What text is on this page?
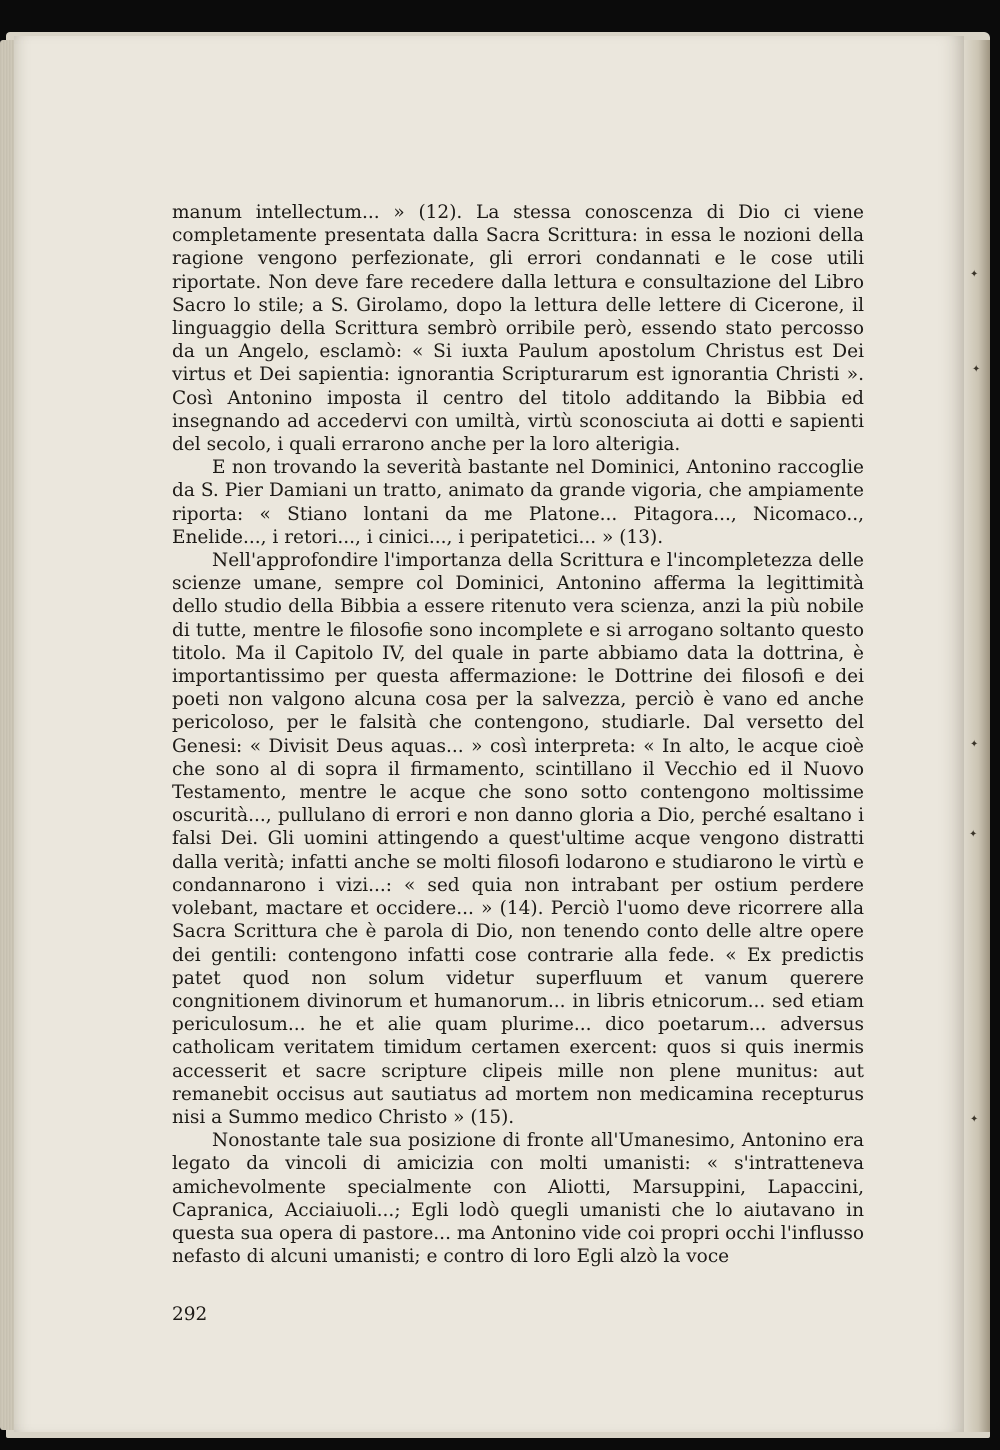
✦
✦
✦
✦
✦

manum intellectum... » (12). La stessa conoscenza di Dio ci viene completamente presentata dalla Sacra Scrittura: in essa le nozioni della ragione vengono perfezionate, gli errori condannati e le cose utili riportate. Non deve fare recedere dalla lettura e consultazione del Libro Sacro lo stile; a S. Girolamo, dopo la lettura delle lettere di Cicerone, il linguaggio della Scrittura sembrò orribile però, essendo stato percosso da un Angelo, esclamò: « Si iuxta Paulum apostolum Christus est Dei virtus et Dei sapientia: ignorantia Scripturarum est ignorantia Christi ». Così Antonino imposta il centro del titolo additando la Bibbia ed insegnando ad accedervi con umiltà, virtù sconosciuta ai dotti e sapienti del secolo, i quali errarono anche per la loro alterigia.

E non trovando la severità bastante nel Dominici, Antonino raccoglie da S. Pier Damiani un tratto, animato da grande vigoria, che ampiamente riporta: « Stiano lontani da me Platone... Pitagora..., Nicomaco.., Enelide..., i retori..., i cinici..., i peripatetici... » (13).

Nell'approfondire l'importanza della Scrittura e l'incompletezza delle scienze umane, sempre col Dominici, Antonino afferma la legittimità dello studio della Bibbia a essere ritenuto vera scienza, anzi la più nobile di tutte, mentre le filosofie sono incomplete e si arrogano soltanto questo titolo. Ma il Capitolo IV, del quale in parte abbiamo data la dottrina, è importantissimo per questa affermazione: le Dottrine dei filosofi e dei poeti non valgono alcuna cosa per la salvezza, perciò è vano ed anche pericoloso, per le falsità che contengono, studiarle. Dal versetto del Genesi: « Divisit Deus aquas... » così interpreta: « In alto, le acque cioè che sono al di sopra il firmamento, scintillano il Vecchio ed il Nuovo Testamento, mentre le acque che sono sotto contengono moltissime oscurità..., pullulano di errori e non danno gloria a Dio, perché esaltano i falsi Dei. Gli uomini attingendo a quest'ultime acque vengono distratti dalla verità; infatti anche se molti filosofi lodarono e studiarono le virtù e condannarono i vizi...: « sed quia non intrabant per ostium perdere volebant, mactare et occidere... » (14). Perciò l'uomo deve ricorrere alla Sacra Scrittura che è parola di Dio, non tenendo conto delle altre opere dei gentili: contengono infatti cose contrarie alla fede. « Ex predictis patet quod non solum videtur superfluum et vanum querere congnitionem divinorum et humanorum... in libris etnicorum... sed etiam periculosum... he et alie quam plurime... dico poetarum... adversus catholicam veritatem timidum certamen exercent: quos si quis inermis accesserit et sacre scripture clipeis mille non plene munitus: aut remanebit occisus aut sautiatus ad mortem non medicamina recepturus nisi a Summo medico Christo » (15).

Nonostante tale sua posizione di fronte all'Umanesimo, Antonino era legato da vincoli di amicizia con molti umanisti: « s'intratteneva amichevolmente specialmente con Aliotti, Marsuppini, Lapaccini, Capranica, Acciaiuoli...; Egli lodò quegli umanisti che lo aiutavano in questa sua opera di pastore... ma Antonino vide coi propri occhi l'influsso nefasto di alcuni umanisti; e contro di loro Egli alzò la voce

292
